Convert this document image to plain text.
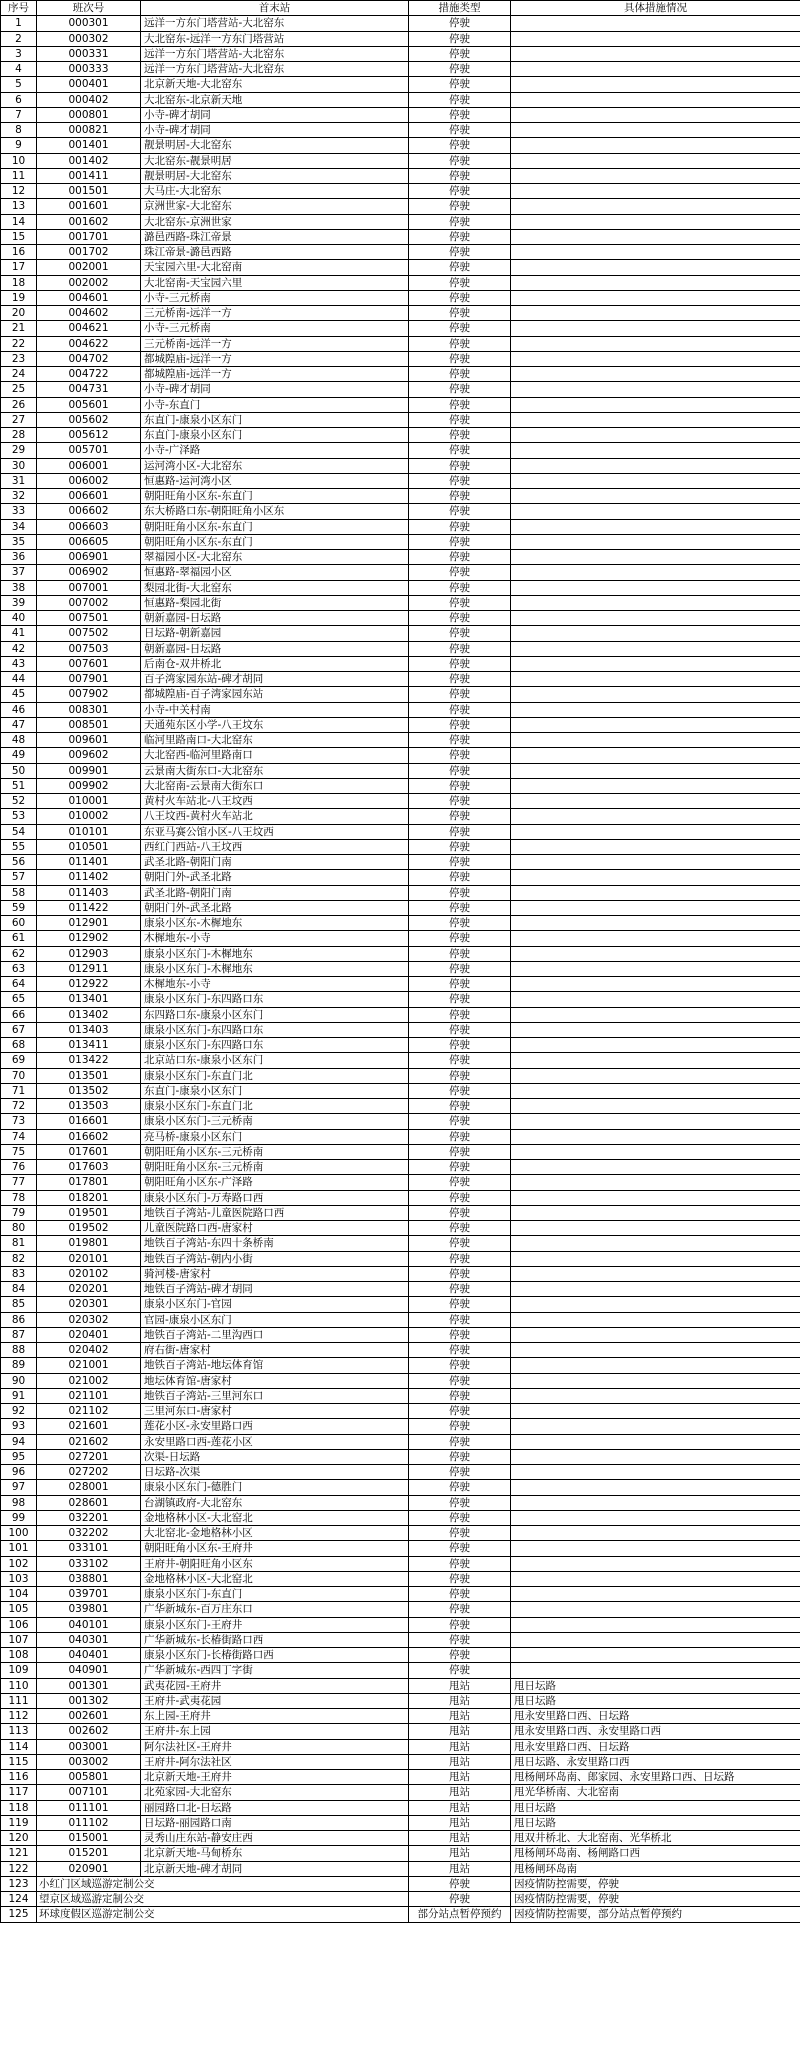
序号	班次号	首末站	措施类型	具体措施情况
1	000301	远洋一方东门塔营站-大北窑东	停驶	
2	000302	大北窑东-远洋一方东门塔营站	停驶	
3	000331	远洋一方东门塔营站-大北窑东	停驶	
4	000333	远洋一方东门塔营站-大北窑东	停驶	
5	000401	北京新天地-大北窑东	停驶	
6	000402	大北窑东-北京新天地	停驶	
7	000801	小寺-碑才胡同	停驶	
8	000821	小寺-碑才胡同	停驶	
9	001401	靓景明居-大北窑东	停驶	
10	001402	大北窑东-靓景明居	停驶	
11	001411	靓景明居-大北窑东	停驶	
12	001501	大马庄-大北窑东	停驶	
13	001601	京洲世家-大北窑东	停驶	
14	001602	大北窑东-京洲世家	停驶	
15	001701	潞邑西路-珠江帝景	停驶	
16	001702	珠江帝景-潞邑西路	停驶	
17	002001	天宝园六里-大北窑南	停驶	
18	002002	大北窑南-天宝园六里	停驶	
19	004601	小寺-三元桥南	停驶	
20	004602	三元桥南-远洋一方	停驶	
21	004621	小寺-三元桥南	停驶	
22	004622	三元桥南-远洋一方	停驶	
23	004702	都城隍庙-远洋一方	停驶	
24	004722	都城隍庙-远洋一方	停驶	
25	004731	小寺-碑才胡同	停驶	
26	005601	小寺-东直门	停驶	
27	005602	东直门-康泉小区东门	停驶	
28	005612	东直门-康泉小区东门	停驶	
29	005701	小寺-广泽路	停驶	
30	006001	运河湾小区-大北窑东	停驶	
31	006002	恒惠路-运河湾小区	停驶	
32	006601	朝阳旺角小区东-东直门	停驶	
33	006602	东大桥路口东-朝阳旺角小区东	停驶	
34	006603	朝阳旺角小区东-东直门	停驶	
35	006605	朝阳旺角小区东-东直门	停驶	
36	006901	翠福园小区-大北窑东	停驶	
37	006902	恒惠路-翠福园小区	停驶	
38	007001	梨园北街-大北窑东	停驶	
39	007002	恒惠路-梨园北街	停驶	
40	007501	朝新嘉园-日坛路	停驶	
41	007502	日坛路-朝新嘉园	停驶	
42	007503	朝新嘉园-日坛路	停驶	
43	007601	后南仓-双井桥北	停驶	
44	007901	百子湾家园东站-碑才胡同	停驶	
45	007902	都城隍庙-百子湾家园东站	停驶	
46	008301	小寺-中关村南	停驶	
47	008501	天通苑东区小学-八王坟东	停驶	
48	009601	临河里路南口-大北窑东	停驶	
49	009602	大北窑西-临河里路南口	停驶	
50	009901	云景南大街东口-大北窑东	停驶	
51	009902	大北窑南-云景南大街东口	停驶	
52	010001	黄村火车站北-八王坟西	停驶	
53	010002	八王坟西-黄村火车站北	停驶	
54	010101	东亚马赛公馆小区-八王坟西	停驶	
55	010501	西红门西站-八王坟西	停驶	
56	011401	武圣北路-朝阳门南	停驶	
57	011402	朝阳门外-武圣北路	停驶	
58	011403	武圣北路-朝阳门南	停驶	
59	011422	朝阳门外-武圣北路	停驶	
60	012901	康泉小区东-木樨地东	停驶	
61	012902	木樨地东-小寺	停驶	
62	012903	康泉小区东门-木樨地东	停驶	
63	012911	康泉小区东门-木樨地东	停驶	
64	012922	木樨地东-小寺	停驶	
65	013401	康泉小区东门-东四路口东	停驶	
66	013402	东四路口东-康泉小区东门	停驶	
67	013403	康泉小区东门-东四路口东	停驶	
68	013411	康泉小区东门-东四路口东	停驶	
69	013422	北京站口东-康泉小区东门	停驶	
70	013501	康泉小区东门-东直门北	停驶	
71	013502	东直门-康泉小区东门	停驶	
72	013503	康泉小区东门-东直门北	停驶	
73	016601	康泉小区东门-三元桥南	停驶	
74	016602	亮马桥-康泉小区东门	停驶	
75	017601	朝阳旺角小区东-三元桥南	停驶	
76	017603	朝阳旺角小区东-三元桥南	停驶	
77	017801	朝阳旺角小区东-广泽路	停驶	
78	018201	康泉小区东门-万寿路口西	停驶	
79	019501	地铁百子湾站-儿童医院路口西	停驶	
80	019502	儿童医院路口西-唐家村	停驶	
81	019801	地铁百子湾站-东四十条桥南	停驶	
82	020101	地铁百子湾站-朝内小街	停驶	
83	020102	骑河楼-唐家村	停驶	
84	020201	地铁百子湾站-碑才胡同	停驶	
85	020301	康泉小区东门-官园	停驶	
86	020302	官园-康泉小区东门	停驶	
87	020401	地铁百子湾站-二里沟西口	停驶	
88	020402	府右街-唐家村	停驶	
89	021001	地铁百子湾站-地坛体育馆	停驶	
90	021002	地坛体育馆-唐家村	停驶	
91	021101	地铁百子湾站-三里河东口	停驶	
92	021102	三里河东口-唐家村	停驶	
93	021601	莲花小区-永安里路口西	停驶	
94	021602	永安里路口西-莲花小区	停驶	
95	027201	次渠-日坛路	停驶	
96	027202	日坛路-次渠	停驶	
97	028001	康泉小区东门-德胜门	停驶	
98	028601	台湖镇政府-大北窑东	停驶	
99	032201	金地格林小区-大北窑北	停驶	
100	032202	大北窑北-金地格林小区	停驶	
101	033101	朝阳旺角小区东-王府井	停驶	
102	033102	王府井-朝阳旺角小区东	停驶	
103	038801	金地格林小区-大北窑北	停驶	
104	039701	康泉小区东门-东直门	停驶	
105	039801	广华新城东-百万庄东口	停驶	
106	040101	康泉小区东门-王府井	停驶	
107	040301	广华新城东-长椿街路口西	停驶	
108	040401	康泉小区东门-长椿街路口西	停驶	
109	040901	广华新城东-西四丁字街	停驶	
110	001301	武夷花园-王府井	甩站	甩日坛路
111	001302	王府井-武夷花园	甩站	甩日坛路
112	002601	东上园-王府井	甩站	甩永安里路口西、日坛路
113	002602	王府井-东上园	甩站	甩永安里路口西、永安里路口西
114	003001	阿尔法社区-王府井	甩站	甩永安里路口西、日坛路
115	003002	王府井-阿尔法社区	甩站	甩日坛路、永安里路口西
116	005801	北京新天地-王府井	甩站	甩杨闸环岛南、郎家园、永安里路口西、日坛路
117	007101	北苑家园-大北窑东	甩站	甩光华桥南、大北窑南
118	011101	丽园路口北-日坛路	甩站	甩日坛路
119	011102	日坛路-丽园路口南	甩站	甩日坛路
120	015001	灵秀山庄东站-静安庄西	甩站	甩双井桥北、大北窑南、光华桥北
121	015201	北京新天地-马甸桥东	甩站	甩杨闸环岛南、杨闸路口西
122	020901	北京新天地-碑才胡同	甩站	甩杨闸环岛南
123	小红门区域巡游定制公交		停驶	因疫情防控需要，停驶
124	望京区域巡游定制公交		停驶	因疫情防控需要，停驶
125	环球度假区巡游定制公交		部分站点暂停预约	因疫情防控需要，部分站点暂停预约
